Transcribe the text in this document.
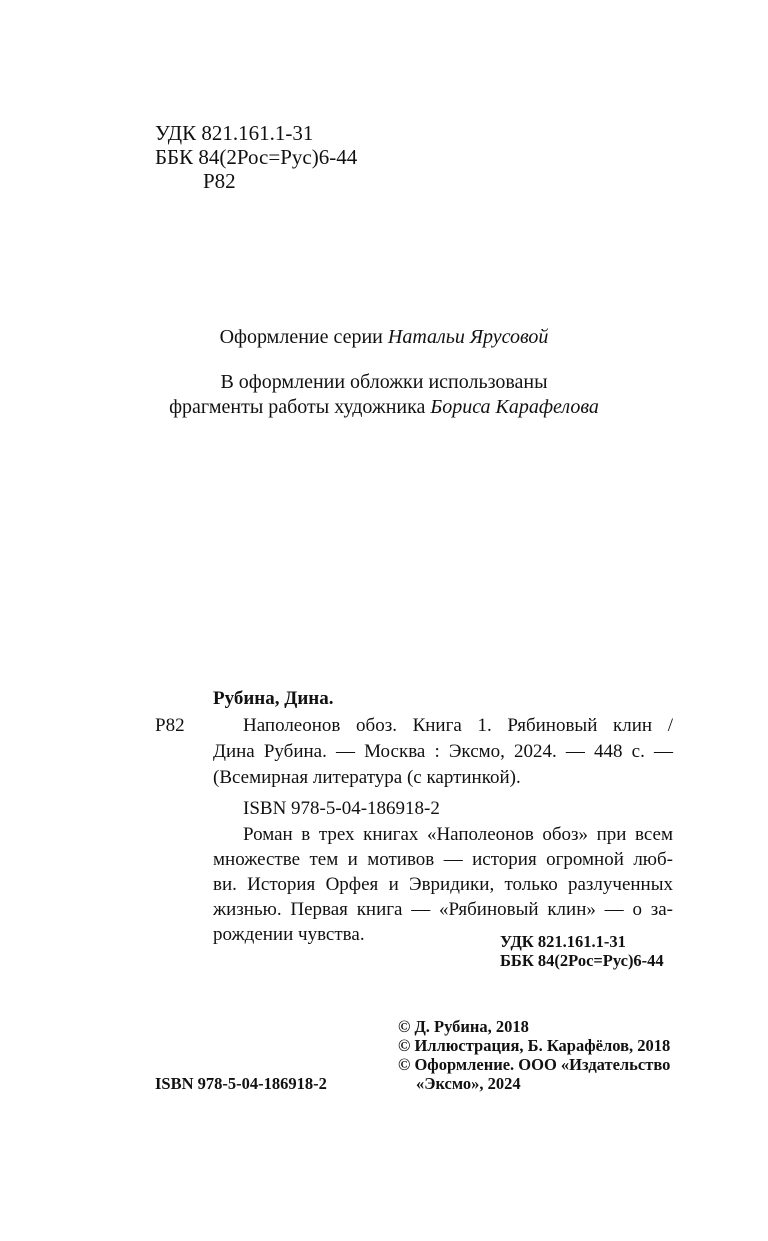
УДК 821.161.1-31
ББК 84(2Рос=Рус)6-44
Р82
Оформление серии Натальи Ярусовой
В оформлении обложки использованы
фрагменты работы художника Бориса Карафелова
Рубина, Дина.
Р82	Наполеонов обоз. Книга 1. Рябиновый клин /
Дина Рубина. — Москва : Эксмо, 2024. — 448 с. —
(Всемирная литература (с картинкой).
ISBN 978-5-04-186918-2
Роман в трех книгах «Наполеонов обоз» при всем
множестве тем и мотивов — история огромной люб-
ви. История Орфея и Эвридики, только разлученных
жизнью. Первая книга — «Рябиновый клин» — о за-
рождении чувства.	УДК 821.161.1-31
ББК 84(2Рос=Рус)6-44
© Д. Рубина, 2018
© Иллюстрация, Б. Карафёлов, 2018
© Оформление. ООО «Издательство
«Эксмо», 2024
ISBN 978-5-04-186918-2
